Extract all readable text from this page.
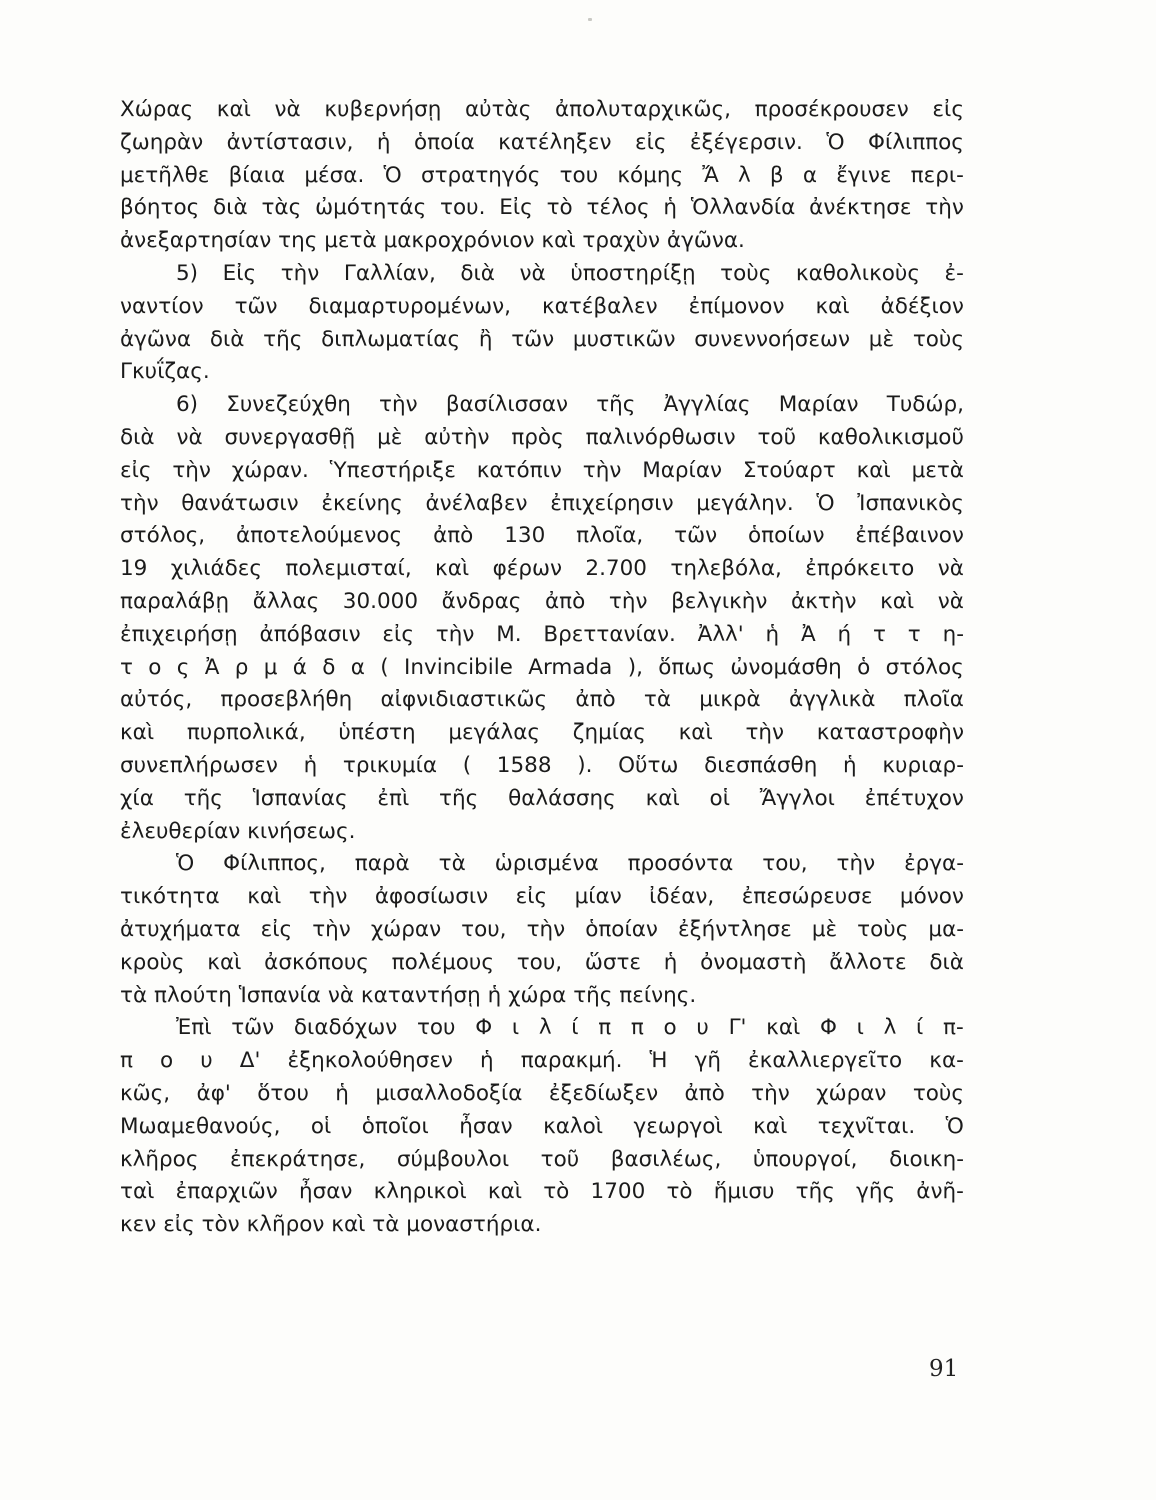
Χώρας καὶ νὰ κυβερνήσῃ αὐτὰς ἀπολυταρχικῶς, προσέκρουσεν εἰς
ζωηρὰν ἀντίστασιν, ἡ ὁποία κατέληξεν εἰς ἐξέγερσιν. Ὁ Φίλιππος
μετῆλθε βίαια μέσα. Ὁ στρατηγός του κόμης Ἄ λ β α ἔγινε περι-
βόητος διὰ τὰς ὠμότητάς του. Εἰς τὸ τέλος ἡ Ὁλλανδία ἀνέκτησε τὴν
ἀνεξαρτησίαν της μετὰ μακροχρόνιον καὶ τραχὺν ἀγῶνα.
5) Εἰς τὴν Γαλλίαν, διὰ νὰ ὑποστηρίξῃ τοὺς καθολικοὺς ἐ-
ναντίον τῶν διαμαρτυρομένων, κατέβαλεν ἐπίμονον καὶ ἀδέξιον
ἀγῶνα διὰ τῆς διπλωματίας ἢ τῶν μυστικῶν συνεννοήσεων μὲ τοὺς
Γκυΐζας.
6) Συνεζεύχθη τὴν βασίλισσαν τῆς Ἀγγλίας Μαρίαν Τυδώρ,
διὰ νὰ συνεργασθῇ μὲ αὐτὴν πρὸς παλινόρθωσιν τοῦ καθολικισμοῦ
εἰς τὴν χώραν. Ὑπεστήριξε κατόπιν τὴν Μαρίαν Στούαρτ καὶ μετὰ
τὴν θανάτωσιν ἐκείνης ἀνέλαβεν ἐπιχείρησιν μεγάλην. Ὁ Ἰσπανικὸς
στόλος, ἀποτελούμενος ἀπὸ 130 πλοῖα, τῶν ὁποίων ἐπέβαινον
19 χιλιάδες πολεμισταί, καὶ φέρων 2.700 τηλεβόλα, ἐπρόκειτο νὰ
παραλάβῃ ἄλλας 30.000 ἄνδρας ἀπὸ τὴν βελγικὴν ἀκτὴν καὶ νὰ
ἐπιχειρήσῃ ἀπόβασιν εἰς τὴν Μ. Βρεττανίαν. Ἀλλ' ἡ Ἀ ή τ τ η-
τ ο ς Ἀ ρ μ ά δ α ( Invincibile Armada ), ὅπως ὠνομάσθη ὁ στόλος
αὐτός, προσεβλήθη αἰφνιδιαστικῶς ἀπὸ τὰ μικρὰ ἀγγλικὰ πλοῖα
καὶ πυρπολικά, ὑπέστη μεγάλας ζημίας καὶ τὴν καταστροφὴν
συνεπλήρωσεν ἡ τρικυμία ( 1588 ). Οὕτω διεσπάσθη ἡ κυριαρ-
χία τῆς Ἱσπανίας ἐπὶ τῆς θαλάσσης καὶ οἱ Ἄγγλοι ἐπέτυχον
ἐλευθερίαν κινήσεως.
Ὁ Φίλιππος, παρὰ τὰ ὡρισμένα προσόντα του, τὴν ἐργα-
τικότητα καὶ τὴν ἀφοσίωσιν εἰς μίαν ἰδέαν, ἐπεσώρευσε μόνον
ἀτυχήματα εἰς τὴν χώραν του, τὴν ὁποίαν ἐξήντλησε μὲ τοὺς μα-
κροὺς καὶ ἀσκόπους πολέμους του, ὥστε ἡ ὀνομαστὴ ἄλλοτε διὰ
τὰ πλούτη Ἱσπανία νὰ καταντήσῃ ἡ χώρα τῆς πείνης.
Ἐπὶ τῶν διαδόχων του Φ ι λ ί π π ο υ Γ' καὶ Φ ι λ ί π-
π ο υ Δ' ἐξηκολούθησεν ἡ παρακμή. Ἡ γῆ ἐκαλλιεργεῖτο κα-
κῶς, ἀφ' ὅτου ἡ μισαλλοδοξία ἐξεδίωξεν ἀπὸ τὴν χώραν τοὺς
Μωαμεθανούς, οἱ ὁποῖοι ἦσαν καλοὶ γεωργοὶ καὶ τεχνῖται. Ὁ
κλῆρος ἐπεκράτησε, σύμβουλοι τοῦ βασιλέως, ὑπουργοί, διοικη-
ταὶ ἐπαρχιῶν ἦσαν κληρικοὶ καὶ τὸ 1700 τὸ ἥμισυ τῆς γῆς ἀνῆ-
κεν εἰς τὸν κλῆρον καὶ τὰ μοναστήρια.
91
